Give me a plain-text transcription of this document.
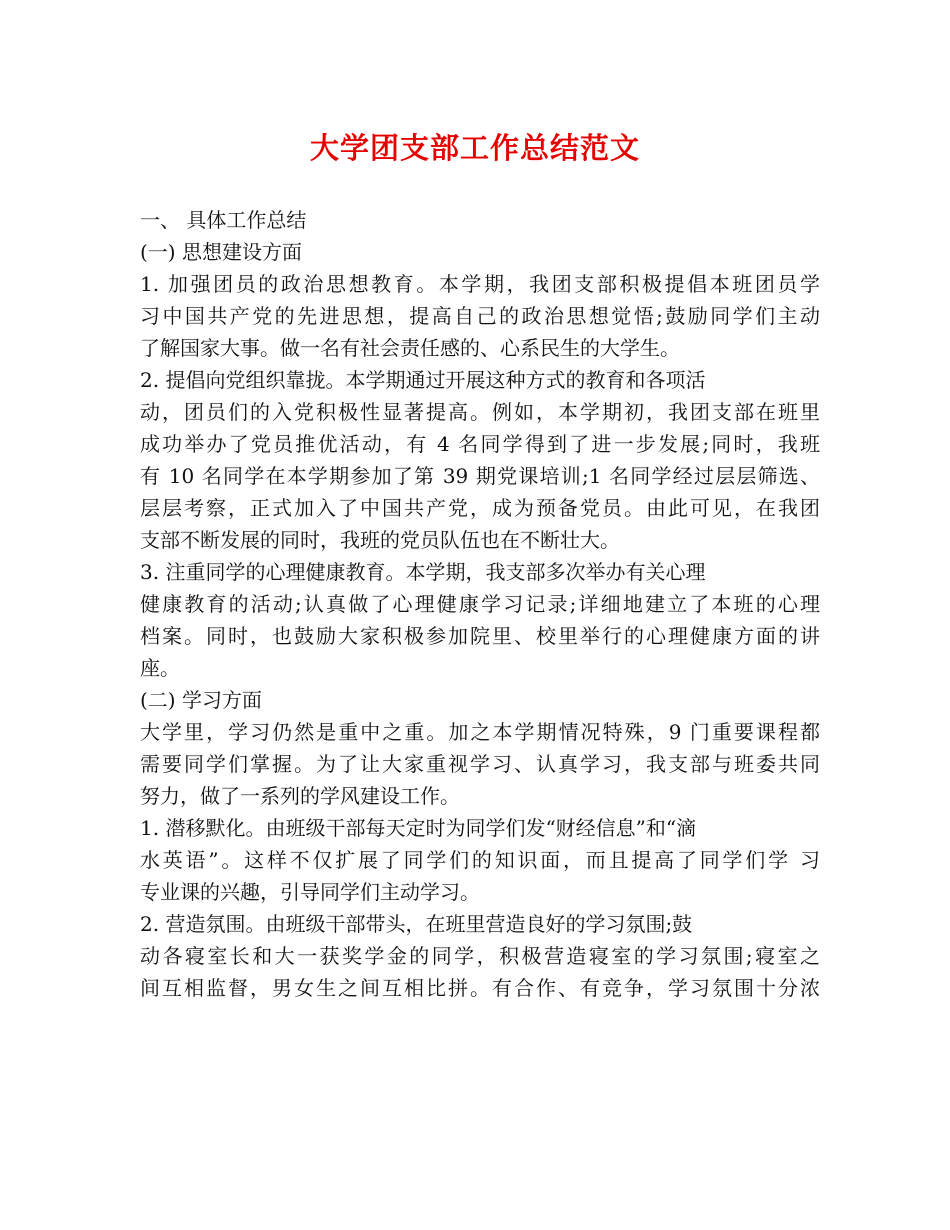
大学团支部工作总结范文
一、 具体工作总结
(一) 思想建设方面
1. 加强团员的政治思想教育。本学期，我团支部积极提倡本班团员学
习中国共产党的先进思想，提高自己的政治思想觉悟;鼓励同学们主动
了解国家大事。做一名有社会责任感的、心系民生的大学生。
2. 提倡向党组织靠拢。本学期通过开展这种方式的教育和各项活
动，团员们的入党积极性显著提高。例如，本学期初，我团支部在班里
成功举办了党员推优活动，有 4 名同学得到了进一步发展;同时，我班
有 10 名同学在本学期参加了第 39 期党课培训;1 名同学经过层层筛选、
层层考察，正式加入了中国共产党，成为预备党员。由此可见，在我团
支部不断发展的同时，我班的党员队伍也在不断壮大。
3. 注重同学的心理健康教育。本学期，我支部多次举办有关心理
健康教育的活动;认真做了心理健康学习记录;详细地建立了本班的心理
档案。同时，也鼓励大家积极参加院里、校里举行的心理健康方面的讲
座。
(二) 学习方面
大学里，学习仍然是重中之重。加之本学期情况特殊，9 门重要课程都
需要同学们掌握。为了让大家重视学习、认真学习，我支部与班委共同
努力，做了一系列的学风建设工作。
1. 潜移默化。由班级干部每天定时为同学们发“财经信息”和“滴
水英语”。这样不仅扩展了同学们的知识面，而且提高了同学们学 习
专业课的兴趣，引导同学们主动学习。
2. 营造氛围。由班级干部带头，在班里营造良好的学习氛围;鼓
动各寝室长和大一获奖学金的同学，积极营造寝室的学习氛围;寝室之
间互相监督，男女生之间互相比拼。有合作、有竞争，学习氛围十分浓
